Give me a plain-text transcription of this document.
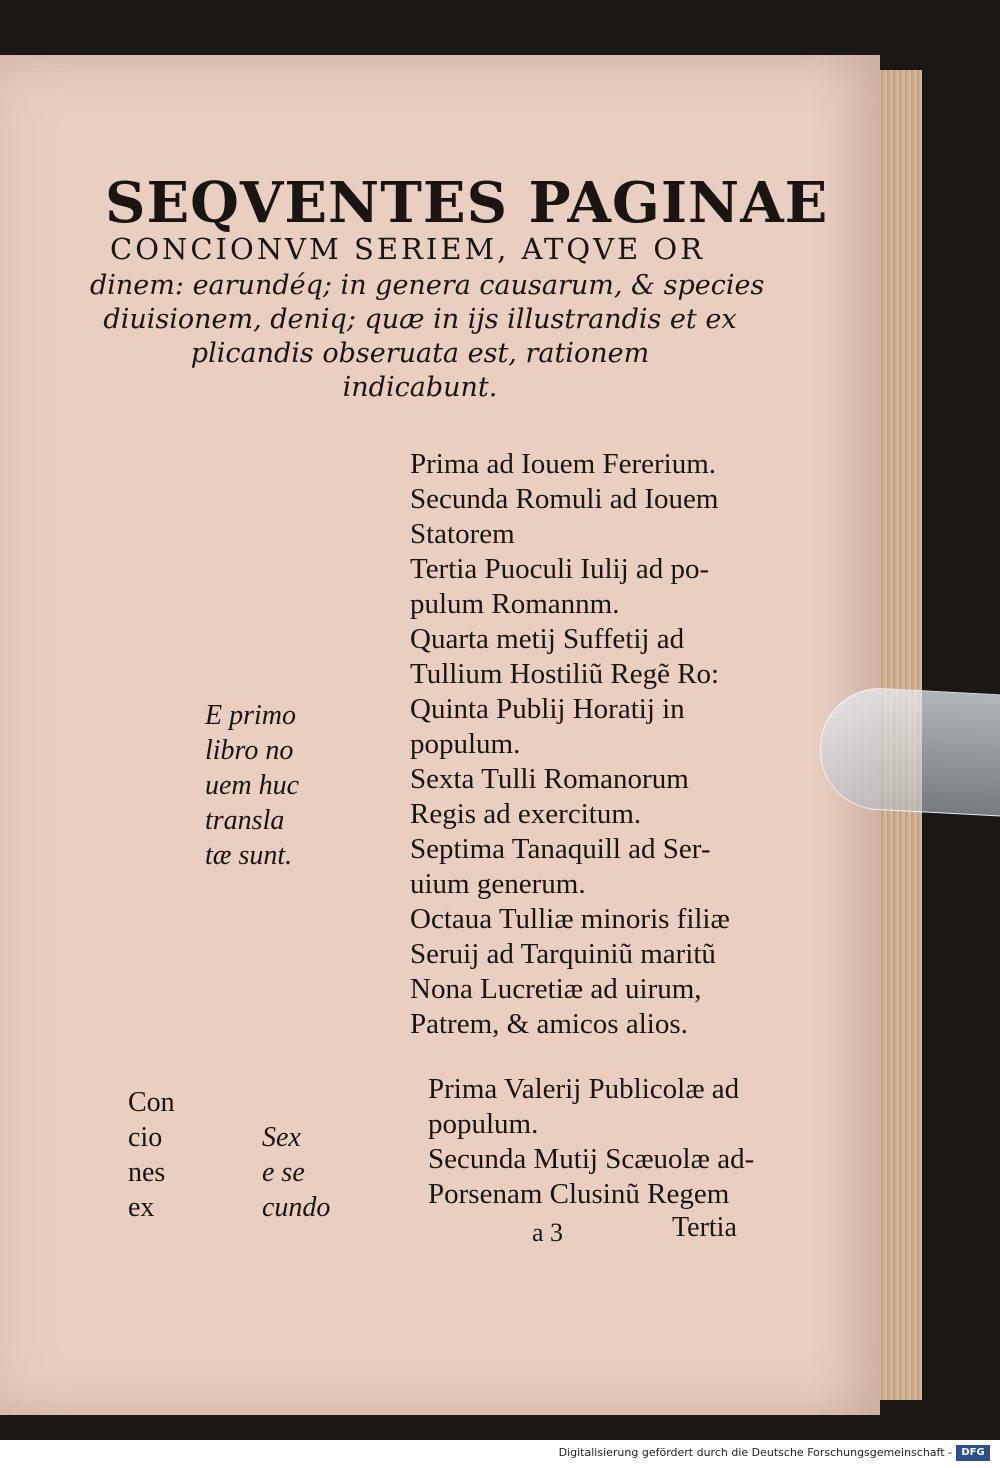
SEQVENTES PAGINAE
CONCIONVM SERIEM, ATQVE OR
dinem: earundéq; in genera causarum, & species
diuisionem, deniq; quæ in ijs illustrandis et ex
plicandis obseruata est, rationem
indicabunt.
E primo
libro no
uem huc
transla
tæ sunt.
Prima ad Iouem Fererium.
Secunda Romuli ad Iouem
Statorem
Tertia Puoculi Iulij ad po-
pulum Romannm.
Quarta metij Suffetij ad
Tullium Hostiliũ Regẽ Ro:
Quinta Publij Horatij in
populum.
Sexta Tulli Romanorum
Regis ad exercitum.
Septima Tanaquill ad Ser-
uium generum.
Octaua Tulliæ minoris filiæ
Seruij ad Tarquiniũ maritũ
Nona Lucretiæ ad uirum,
Patrem, & amicos alios.
Con
cio
nes
ex
Sex
e se
cundo
Prima Valerij Publicolæ ad
populum.
Secunda Mutij Scæuolæ ad-
Porsenam Clusinũ Regem
a 3	Tertia
Digitalisierung gefördert durch die Deutsche Forschungsgemeinschaft - DFG
